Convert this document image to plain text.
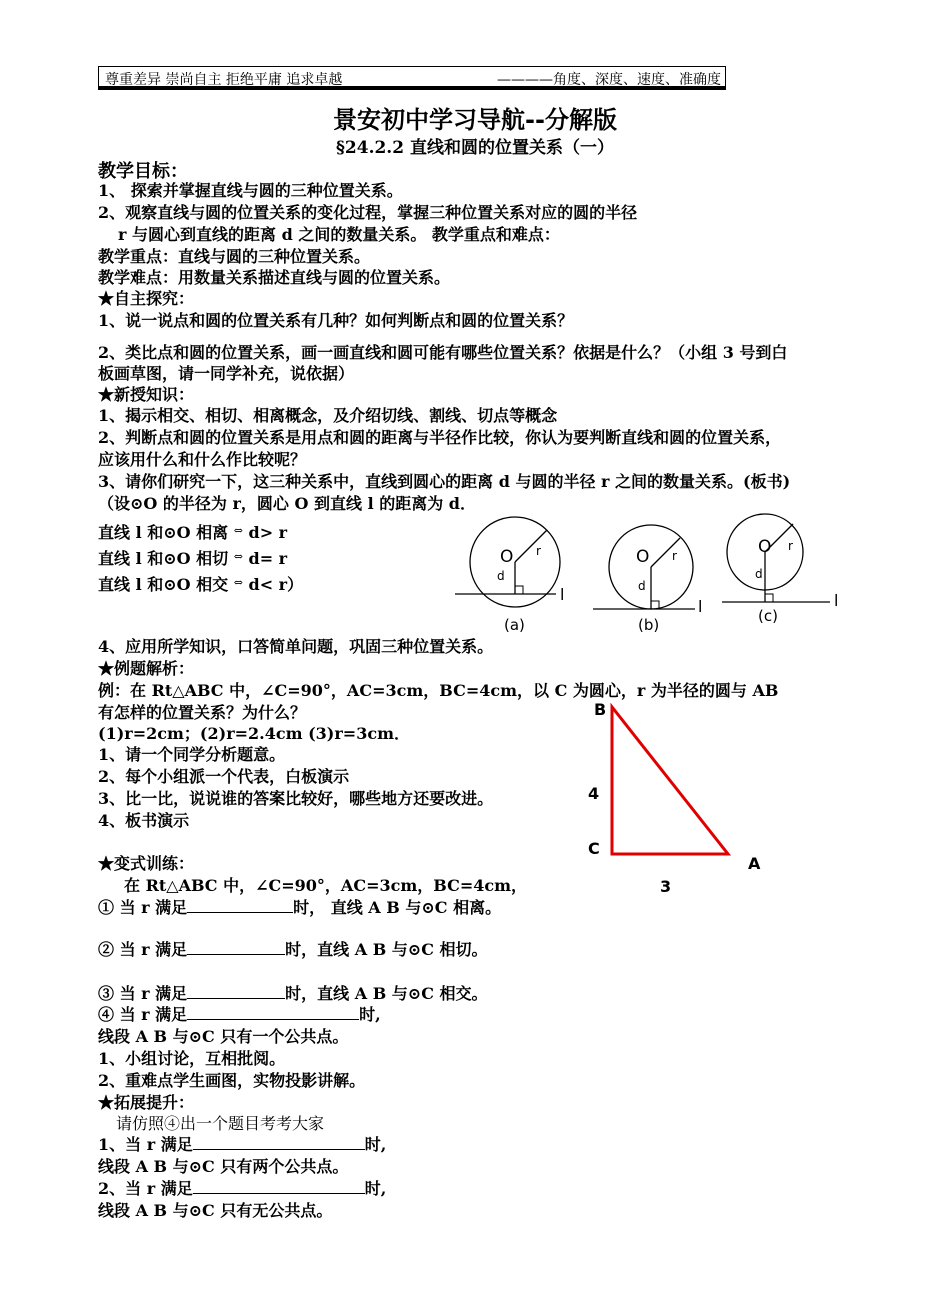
尊重差异 崇尚自主 拒绝平庸 追求卓越	————角度、深度、速度、准确度
景安初中学习导航--分解版
§24.2.2 直线和圆的位置关系（一）
教学目标：
1、 探索并掌握直线与圆的三种位置关系。
2、观察直线与圆的位置关系的变化过程，掌握三种位置关系对应的圆的半径
r 与圆心到直线的距离 d 之间的数量关系。 教学重点和难点：
教学重点：直线与圆的三种位置关系。
教学难点：用数量关系描述直线与圆的位置关系。
★自主探究：
1、说一说点和圆的位置关系有几种？如何判断点和圆的位置关系？
2、类比点和圆的位置关系，画一画直线和圆可能有哪些位置关系？依据是什么？（小组 3 号到白
板画草图，请一同学补充，说依据）
★新授知识：
1、揭示相交、相切、相离概念，及介绍切线、割线、切点等概念
2、判断点和圆的位置关系是用点和圆的距离与半径作比较，你认为要判断直线和圆的位置关系，
应该用什么和什么作比较呢？
3、请你们研究一下，这三种关系中，直线到圆心的距离 d 与圆的半径 r 之间的数量关系。(板书)
（设⊙O 的半径为 r，圆心 O 到直线 l 的距离为 d．
直线 l 和⊙O 相离 ⇔ d> r
直线 l 和⊙O 相切 ⇔ d= r
直线 l 和⊙O 相交 ⇔ d< r）
O r
d
l
(a)
O r
d
l
(b)
O r
d
l
(c)
4、应用所学知识，口答简单问题，巩固三种位置关系。
★例题解析：
例：在 Rt△ABC 中，∠C=90°，AC=3cm，BC=4cm，以 C 为圆心，r 为半径的圆与 AB
有怎样的位置关系？为什么？
(1)r=2cm；(2)r=2.4cm (3)r=3cm．
1、请一个同学分析题意。
2、每个小组派一个代表，白板演示
3、比一比，说说谁的答案比较好，哪些地方还要改进。
4、板书演示
B
4
C
A
3
★变式训练：
在 Rt△ABC 中，∠C=90°，AC=3cm，BC=4cm，
① 当 r 满足	时， 直线 A B 与⊙C 相离。
② 当 r 满足	时，直线 A B 与⊙C 相切。
③ 当 r 满足	时，直线 A B 与⊙C 相交。
④ 当 r 满足	时,
线段 A B 与⊙C 只有一个公共点。
1、小组讨论，互相批阅。
2、重难点学生画图，实物投影讲解。
★拓展提升：
请仿照④出一个题目考考大家
1、当 r 满足	时,
线段 A B 与⊙C 只有两个公共点。
2、当 r 满足	时,
线段 A B 与⊙C 只有无公共点。
